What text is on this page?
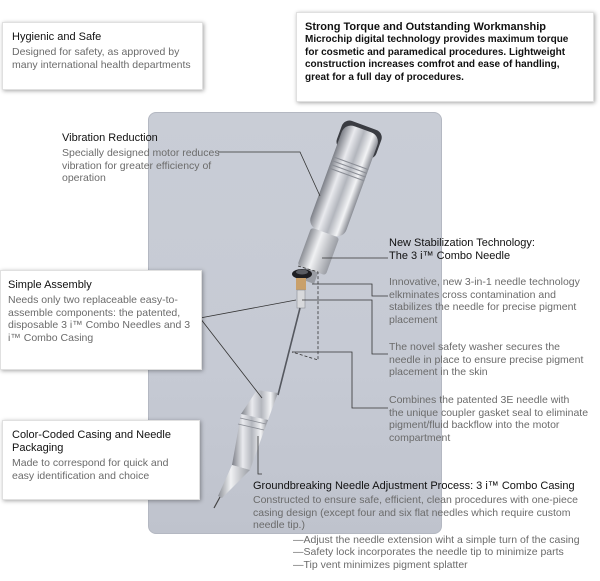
Hygienic and Safe
Designed for safety, as approved by
many international health departments
Strong Torque and Outstanding Workmanship
Microchip digital technology provides maximum torque
for cosmetic and paramedical procedures. Lightweight
construction increases comfrot and ease of handling,
great for a full day of procedures.
Vibration Reduction
Specially designed motor reduces
vibration for greater efficiency of
operation
New Stabilization Technology:
The 3 i™ Combo Needle
Innovative, new 3-in-1 needle technology
elkminates cross contamination and
stabilizes the needle for precise pigment
placement
The novel safety washer secures the
needle in place to ensure precise pigment
placement in the skin
Combines the patented 3E needle with
the unique coupler gasket seal to eliminate
pigment/fluid backflow into the motor
compartment
Simple Assembly
Needs only two replaceable easy-to-
assemble components: the patented,
disposable 3 i™ Combo Needles and 3
i™ Combo Casing
Color-Coded Casing and Needle
Packaging
Made to correspond for quick and
easy identification and choice
Groundbreaking Needle Adjustment Process: 3 i™ Combo Casing
Constructed to ensure safe, efficient, clean procedures with one-piece
casing design (except four and six flat needles which require custom
needle tip.)
—Adjust the needle extension wiht a simple turn of the casing
—Safety lock incorporates the needle tip to minimize parts
—Tip vent minimizes pigment splatter
